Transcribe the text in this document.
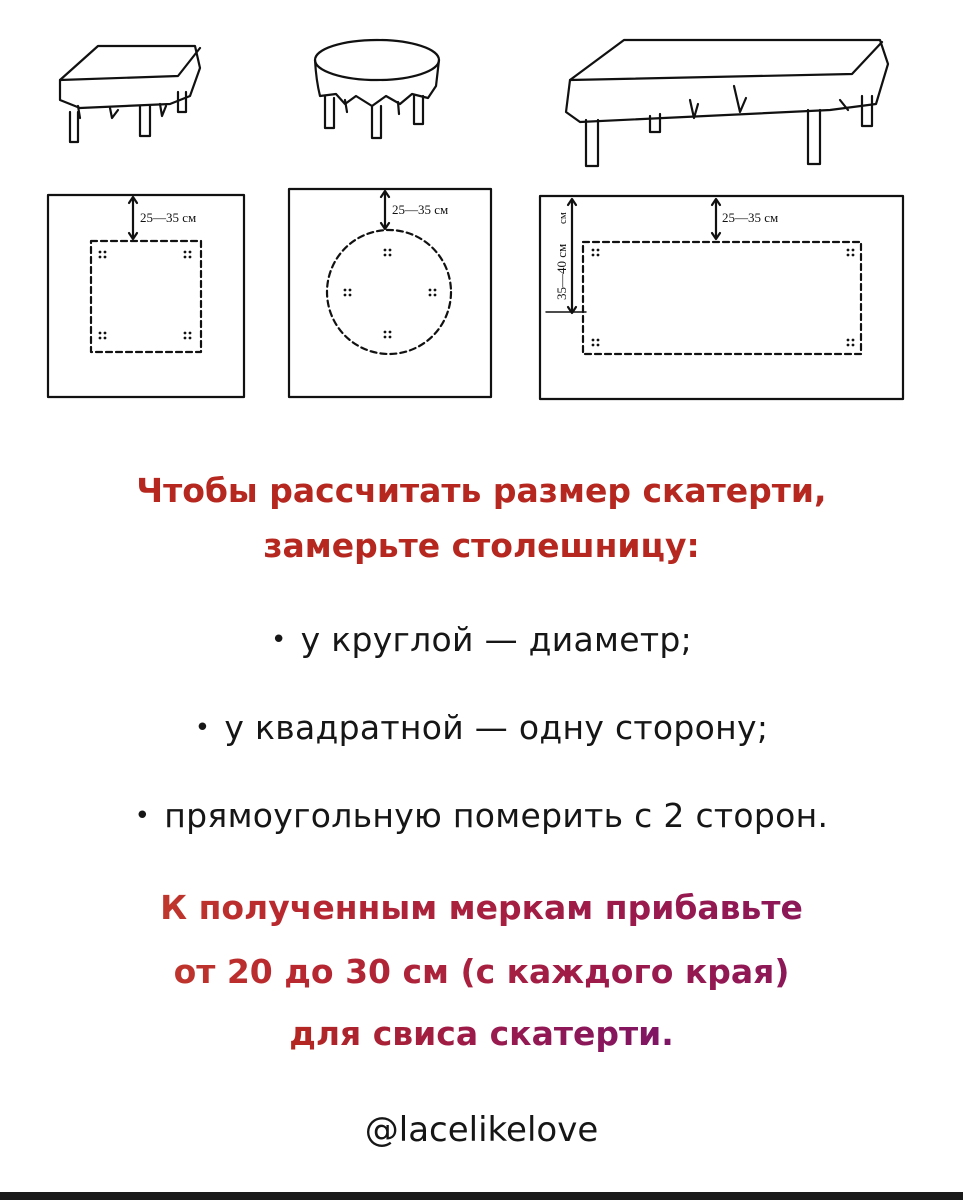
25—35 см
25—35 см
25—35 см
35—40 см
см
Чтобы рассчитать размер скатерти,
замерьте столешницу:
• у круглой — диаметр;
• у квадратной — одну сторону;
• прямоугольную померить с 2 сторон.
К полученным меркам прибавьте
от 20 до 30 см (с каждого края)
для свиса скатерти.
@lacelikelove
